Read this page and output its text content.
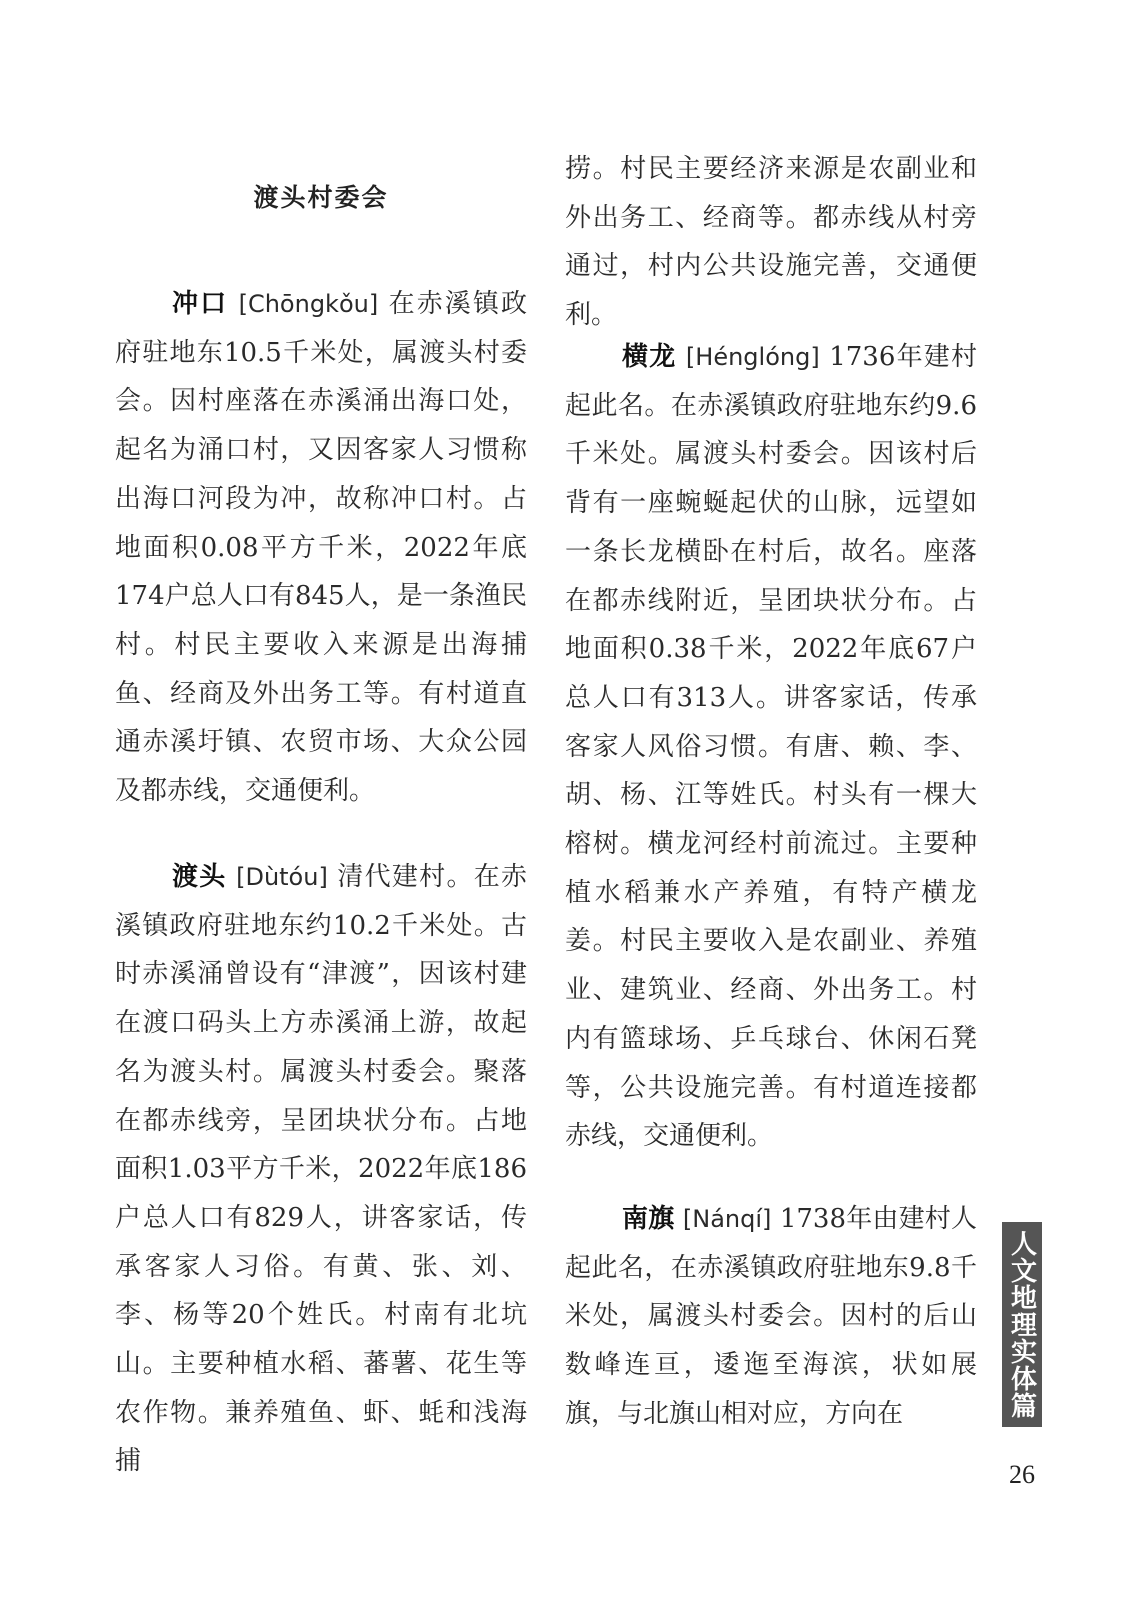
渡头村委会

冲口 [Chōngkǒu] 在赤溪镇政府驻地东10.5千米处，属渡头村委会。因村座落在赤溪涌出海口处，起名为涌口村，又因客家人习惯称出海口河段为冲，故称冲口村。占地面积0.08平方千米，2022年底174户总人口有845人，是一条渔民村。村民主要收入来源是出海捕鱼、经商及外出务工等。有村道直通赤溪圩镇、农贸市场、大众公园及都赤线，交通便利。

渡头 [Dùtóu] 清代建村。在赤溪镇政府驻地东约10.2千米处。古时赤溪涌曾设有“津渡”，因该村建在渡口码头上方赤溪涌上游，故起名为渡头村。属渡头村委会。聚落在都赤线旁，呈团块状分布。占地面积1.03平方千米，2022年底186户总人口有829人，讲客家话，传承客家人习俗。有黄、张、刘、李、杨等20个姓氏。村南有北坑山。主要种植水稻、蕃薯、花生等农作物。兼养殖鱼、虾、蚝和浅海捕

捞。村民主要经济来源是农副业和外出务工、经商等。都赤线从村旁通过，村内公共设施完善，交通便利。

横龙 [Hénglóng] 1736年建村起此名。在赤溪镇政府驻地东约9.6千米处。属渡头村委会。因该村后背有一座蜿蜒起伏的山脉，远望如一条长龙横卧在村后，故名。座落在都赤线附近，呈团块状分布。占地面积0.38千米，2022年底67户总人口有313人。讲客家话，传承客家人风俗习惯。有唐、赖、李、胡、杨、江等姓氏。村头有一棵大榕树。横龙河经村前流过。主要种植水稻兼水产养殖，有特产横龙姜。村民主要收入是农副业、养殖业、建筑业、经商、外出务工。村内有篮球场、乒乓球台、休闲石凳等，公共设施完善。有村道连接都赤线，交通便利。

南旗 [Nánqí] 1738年由建村人起此名，在赤溪镇政府驻地东9.8千米处，属渡头村委会。因村的后山数峰连亘，逶迤至海滨，状如展旗，与北旗山相对应，方向在	人文地理实体篇
26
